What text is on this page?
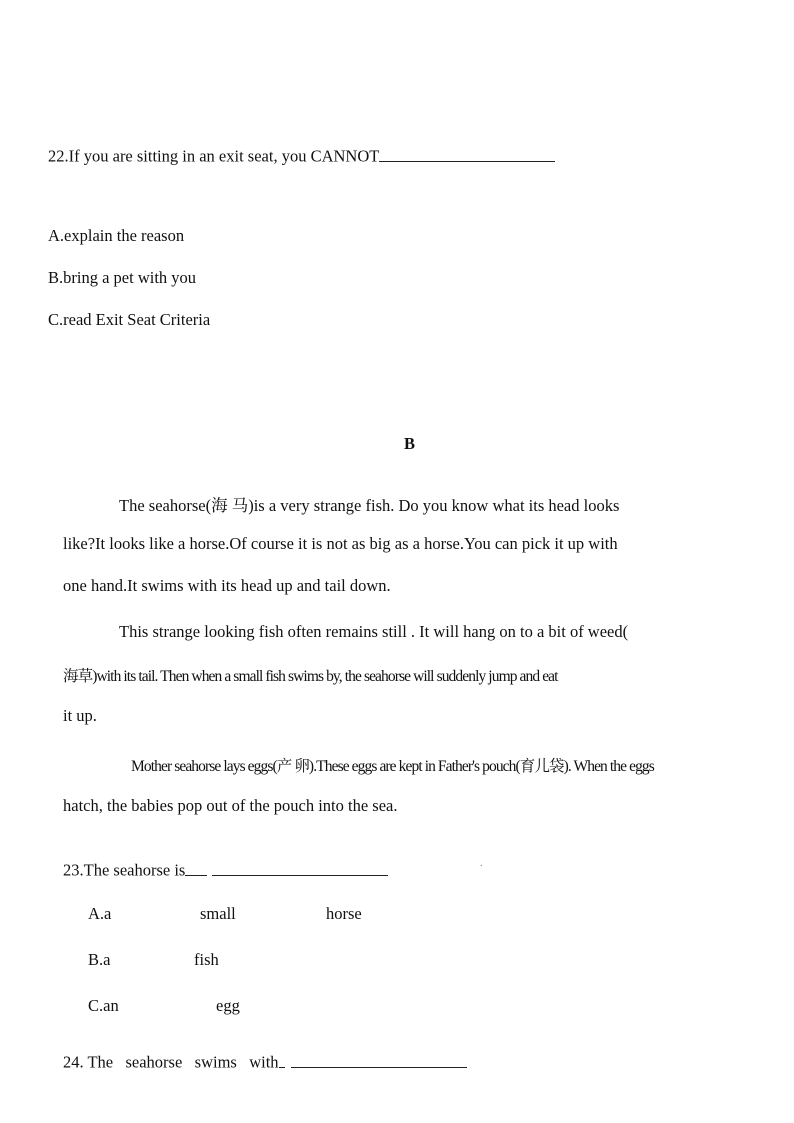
22.If you are sitting in an exit seat, you CANNOT
A.explain the reason
B.bring a pet with you
C.read Exit Seat Criteria
B
The seahorse(海 马)is a very strange fish. Do you know what its head looks
like?It looks like a horse.Of course it is not as big as a horse.You can pick it up with
one hand.It swims with its head up and tail down.
This strange looking fish often remains still . It will hang on to a bit of weed(
海草)with its tail. Then when a small fish swims by, the seahorse will suddenly jump and eat
it up.
Mother seahorse lays eggs(产 卵).These eggs are kept in Father's pouch(育儿袋). When the eggs
hatch, the babies pop out of the pouch into the sea.
23.The seahorse is	.
A.a	small	horse
B.a	fish
C.an	egg
24. The   seahorse   swims   with
